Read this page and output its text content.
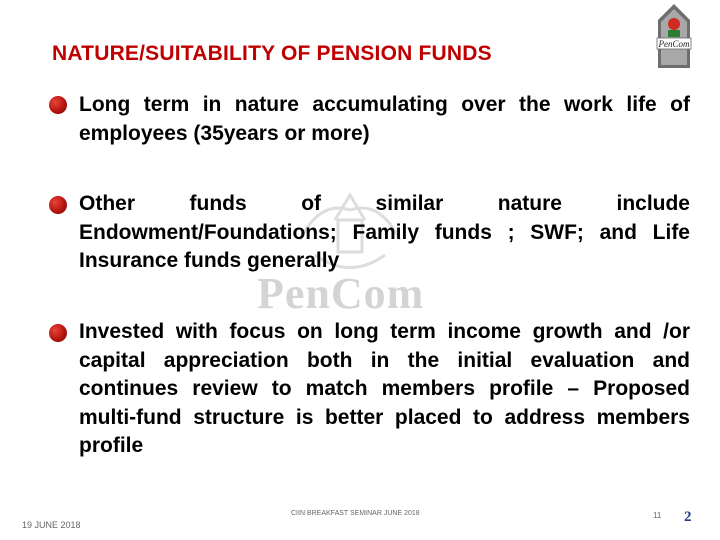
PenCom
NATURE/SUITABILITY OF PENSION FUNDS	PenCom
Long term in nature accumulating over the work life of employees (35years or more)
Other funds of similar nature include Endowment/Foundations; Family funds ; SWF; and Life Insurance funds generally
Invested with focus on long term income growth and /or capital appreciation both in the initial evaluation and continues review to match members profile – Proposed multi-fund structure is better placed to address members profile
19 JUNE 2018
CIIN BREAKFAST SEMINAR JUNE 2018	11 2
